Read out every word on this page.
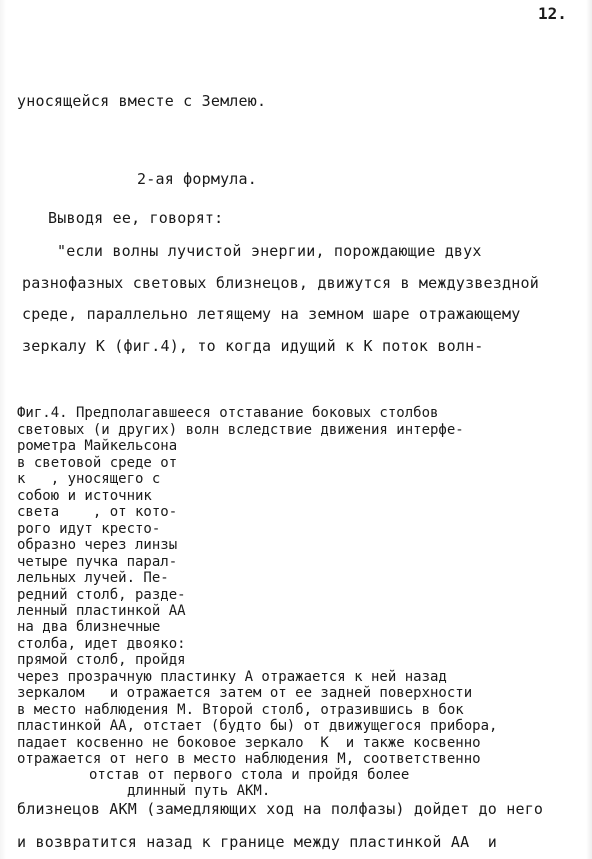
12.
уносящейся вместе с Землею.
2-ая формула.
Выводя ее, говорят:
"если волны лучистой энергии, порождающие двух
разнофазных световых близнецов, движутся в междузвездной
среде, параллельно летящему на земном шаре отражающему
зеркалу К (фиг.4), то когда идущий к К поток волн-
Фиг.4. Предполагавшееся отставание боковых столбов
световых (и других) волн вследствие движения интерфе-
рометра Майкельсона
в световой среде от
к   , уносящего с
собою и источник
света    , от кото-
рого идут кресто-
образно через линзы
четыре пучка парал-
лельных лучей. Пе-
редний столб, разде-
ленный пластинкой АА
на два близнечные
столба, идет двояко:
прямой столб, пройдя
через прозрачную пластинку А отражается к ней назад
зеркалом   и отражается затем от ее задней поверхности
в место наблюдения М. Второй столб, отразившись в бок
пластинкой АА, отстает (будто бы) от движущегося прибора,
падает косвенно не боковое зеркало  К  и также косвенно
отражается от него в место наблюдения М, соответственно
отстав от первого стола и пройдя более
длинный путь АКМ.
близнецов АКМ (замедляющих ход на полфазы) дойдет до него
и возвратится назад к границе между пластинкой АА  и
